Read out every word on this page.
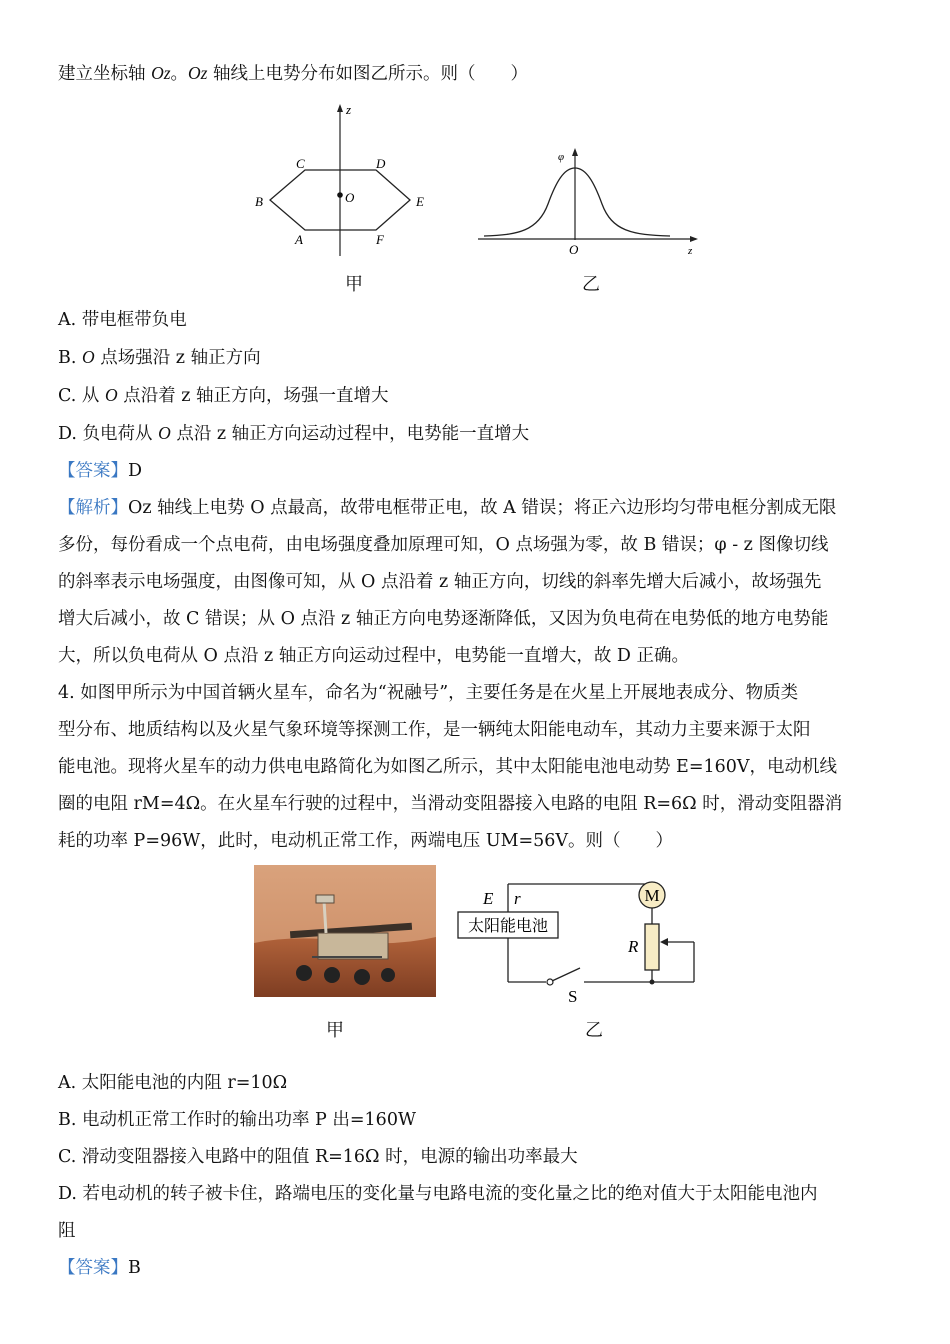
建立坐标轴 Oz。Oz 轴线上电势分布如图乙所示。则（　　）
z
C	D
B	O	E
A	F
甲
φ
O	z
乙
A. 带电框带负电
B. O 点场强沿 z 轴正方向
C. 从 O 点沿着 z 轴正方向，场强一直增大
D. 负电荷从 O 点沿 z 轴正方向运动过程中，电势能一直增大
【答案】D
【解析】Oz 轴线上电势 O 点最高，故带电框带正电，故 A 错误；将正六边形均匀带电框分割成无限
多份，每份看成一个点电荷，由电场强度叠加原理可知，O 点场强为零，故 B 错误；φ - z 图像切线
的斜率表示电场强度，由图像可知，从 O 点沿着 z 轴正方向，切线的斜率先增大后减小，故场强先
增大后减小，故 C 错误；从 O 点沿 z 轴正方向电势逐渐降低，又因为负电荷在电势低的地方电势能
大，所以负电荷从 O 点沿 z 轴正方向运动过程中，电势能一直增大，故 D 正确。
4. 如图甲所示为中国首辆火星车，命名为“祝融号”，主要任务是在火星上开展地表成分、物质类
型分布、地质结构以及火星气象环境等探测工作，是一辆纯太阳能电动车，其动力主要来源于太阳
能电池。现将火星车的动力供电电路简化为如图乙所示，其中太阳能电池电动势 E=160V，电动机线
圈的电阻 rM=4Ω。在火星车行驶的过程中，当滑动变阻器接入电路的电阻 R=6Ω 时，滑动变阻器消
耗的功率 P=96W，此时，电动机正常工作，两端电压 UM=56V。则（　　）
甲
太阳能电池
E r
S
M
R
乙
A. 太阳能电池的内阻 r=10Ω
B. 电动机正常工作时的输出功率 P 出=160W
C. 滑动变阻器接入电路中的阻值 R=16Ω 时，电源的输出功率最大
D. 若电动机的转子被卡住，路端电压的变化量与电路电流的变化量之比的绝对值大于太阳能电池内
阻
【答案】B
